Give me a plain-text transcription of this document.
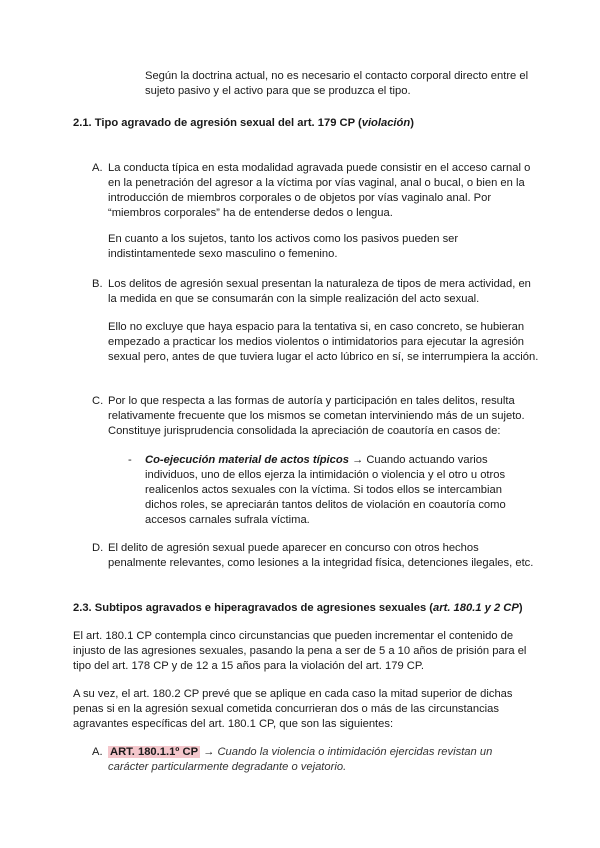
Según la doctrina actual, no es necesario el contacto corporal directo entre el sujeto pasivo y el activo para que se produzca el tipo.

2.1. Tipo agravado de agresión sexual del art. 179 CP (violación)

A. La conducta típica en esta modalidad agravada puede consistir en el acceso carnal o en la penetración del agresor a la víctima por vías vaginal, anal o bucal, o bien en la introducción de miembros corporales o de objetos por vías vaginalo anal. Por “miembros corporales” ha de entenderse dedos o lengua.

En cuanto a los sujetos, tanto los activos como los pasivos pueden ser indistintamentede sexo masculino o femenino.

B. Los delitos de agresión sexual presentan la naturaleza de tipos de mera actividad, en la medida en que se consumarán con la simple realización del acto sexual.

Ello no excluye que haya espacio para la tentativa si, en caso concreto, se hubieran empezado a practicar los medios violentos o intimidatorios para ejecutar la agresión sexual pero, antes de que tuviera lugar el acto lúbrico en sí, se interrumpiera la acción.

C. Por lo que respecta a las formas de autoría y participación en tales delitos, resulta relativamente frecuente que los mismos se cometan interviniendo más de un sujeto. Constituye jurisprudencia consolidada la apreciación de coautoría en casos de:

- Co-ejecución material de actos típicos → Cuando actuando varios individuos, uno de ellos ejerza la intimidación o violencia y el otro u otros realicenlos actos sexuales con la víctima. Si todos ellos se intercambian dichos roles, se apreciarán tantos delitos de violación en coautoría como accesos carnales sufrala víctima.

D. El delito de agresión sexual puede aparecer en concurso con otros hechos penalmente relevantes, como lesiones a la integridad física, detenciones ilegales, etc.

2.3. Subtipos agravados e hiperagravados de agresiones sexuales (art. 180.1 y 2 CP)

El art. 180.1 CP contempla cinco circunstancias que pueden incrementar el contenido de injusto de las agresiones sexuales, pasando la pena a ser de 5 a 10 años de prisión para el tipo del art. 178 CP y de 12 a 15 años para la violación del art. 179 CP.

A su vez, el art. 180.2 CP prevé que se aplique en cada caso la mitad superior de dichas penas si en la agresión sexual cometida concurrieran dos o más de las circunstancias agravantes específicas del art. 180.1 CP, que son las siguientes:

A. ART. 180.1.1º CP → Cuando la violencia o intimidación ejercidas revistan un carácter particularmente degradante o vejatorio.
